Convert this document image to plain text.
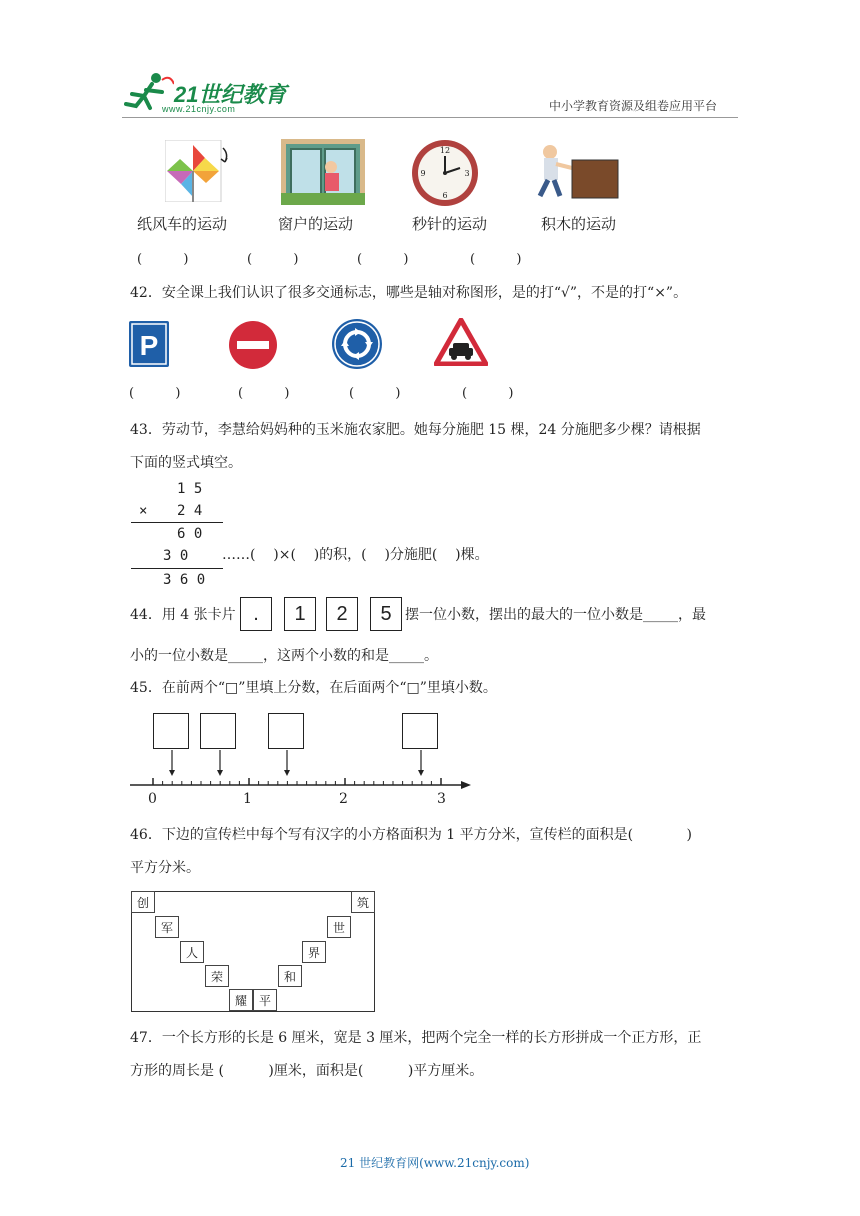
21世纪教育
www.21cnjy.com	中小学教育资源及组卷应用平台
12
3
6
9
纸风车的运动	窗户的运动	秒针的运动	积木的运动
(          )	(          )	(          )	(          )
42．安全课上我们认识了很多交通标志，哪些是轴对称图形，是的打“√”，不是的打“×”。
P
(          )	(          )	(          )	(          )
43．劳动节，李慧给妈妈种的玉米施农家肥。她每分施肥 15 棵，24 分施肥多少棵？请根据
下面的竖式填空。
1 5
× 2 4
6 0
3 0
3 6 0
……(    )×(    )的积，(    )分施肥(    )棵。
44．用 4 张卡片 .	1	2	5 摆一位小数，摆出的最大的一位小数是_____，最
小的一位小数是_____，这两个小数的和是_____。
45．在前两个“□”里填上分数，在后面两个“□”里填小数。
0	1	2	3
46．下边的宣传栏中每个写有汉字的小方格面积为 1 平方分米，宣传栏的面积是(            )
平方分米。
创
军
人
荣
耀 平
和
界
世
筑
47．一个长方形的长是 6 厘米，宽是 3 厘米，把两个完全一样的长方形拼成一个正方形，正
方形的周长是 (          )厘米，面积是(          )平方厘米。
21 世纪教育网(www.21cnjy.com)
